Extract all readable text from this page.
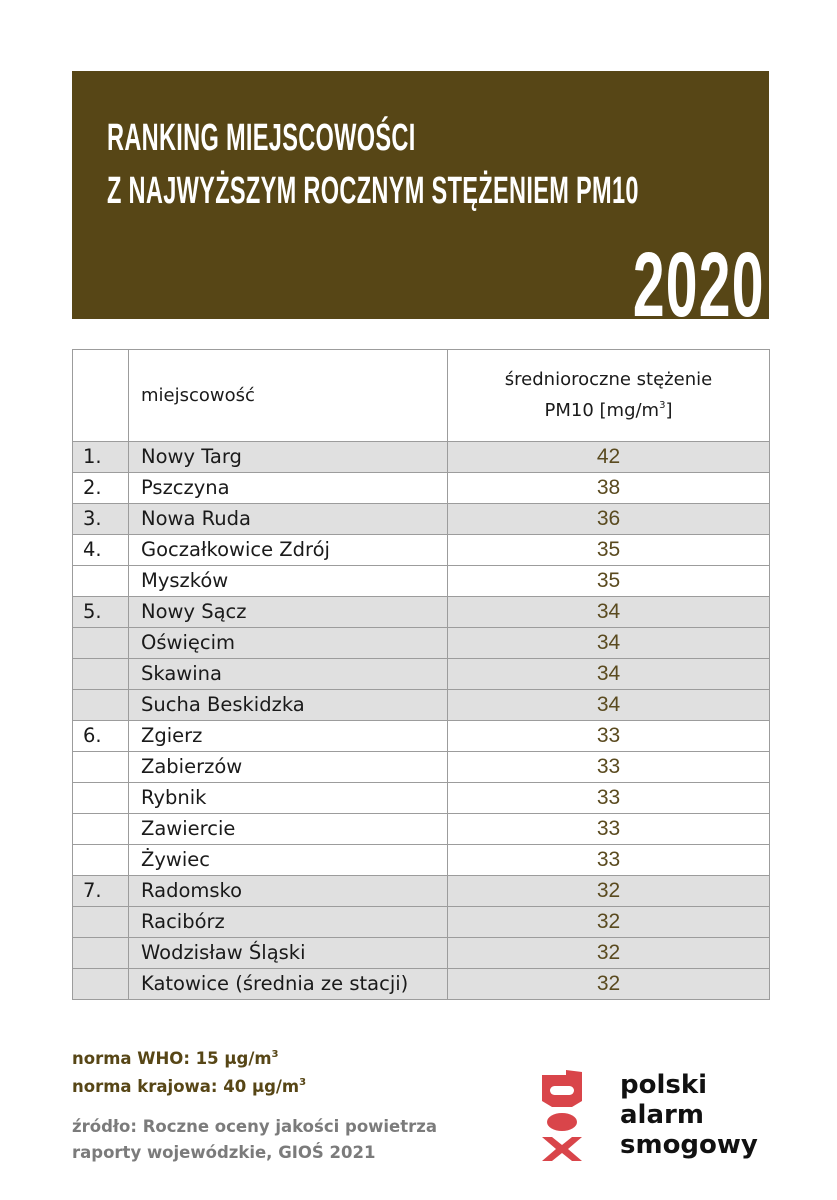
RANKING MIEJSCOWOŚCI
Z NAJWYŻSZYM ROCZNYM STĘŻENIEM PM10
2020
	miejscowość	średnioroczne stężenie
PM10 $[mg/m^3]$
1.	Nowy Targ	42
2.	Pszczyna	38
3.	Nowa Ruda	36
4.	Goczałkowice Zdrój	35
	Myszków	35
5.	Nowy Sącz	34
	Oświęcim	34
	Skawina	34
	Sucha Beskidzka	34
6.	Zgierz	33
	Zabierzów	33
	Rybnik	33
	Zawiercie	33
	Żywiec	33
7.	Radomsko	32
	Racibórz	32
	Wodzisław Śląski	32
	Katowice (średnia ze stacji)	32
norma WHO: 15 $\mu g/m^3$
norma krajowa: 40 $\mu g/m^3$
źródło: Roczne oceny jakości powietrza
raporty wojewódzkie, GIOŚ 2021
polski
alarm
smogowy
